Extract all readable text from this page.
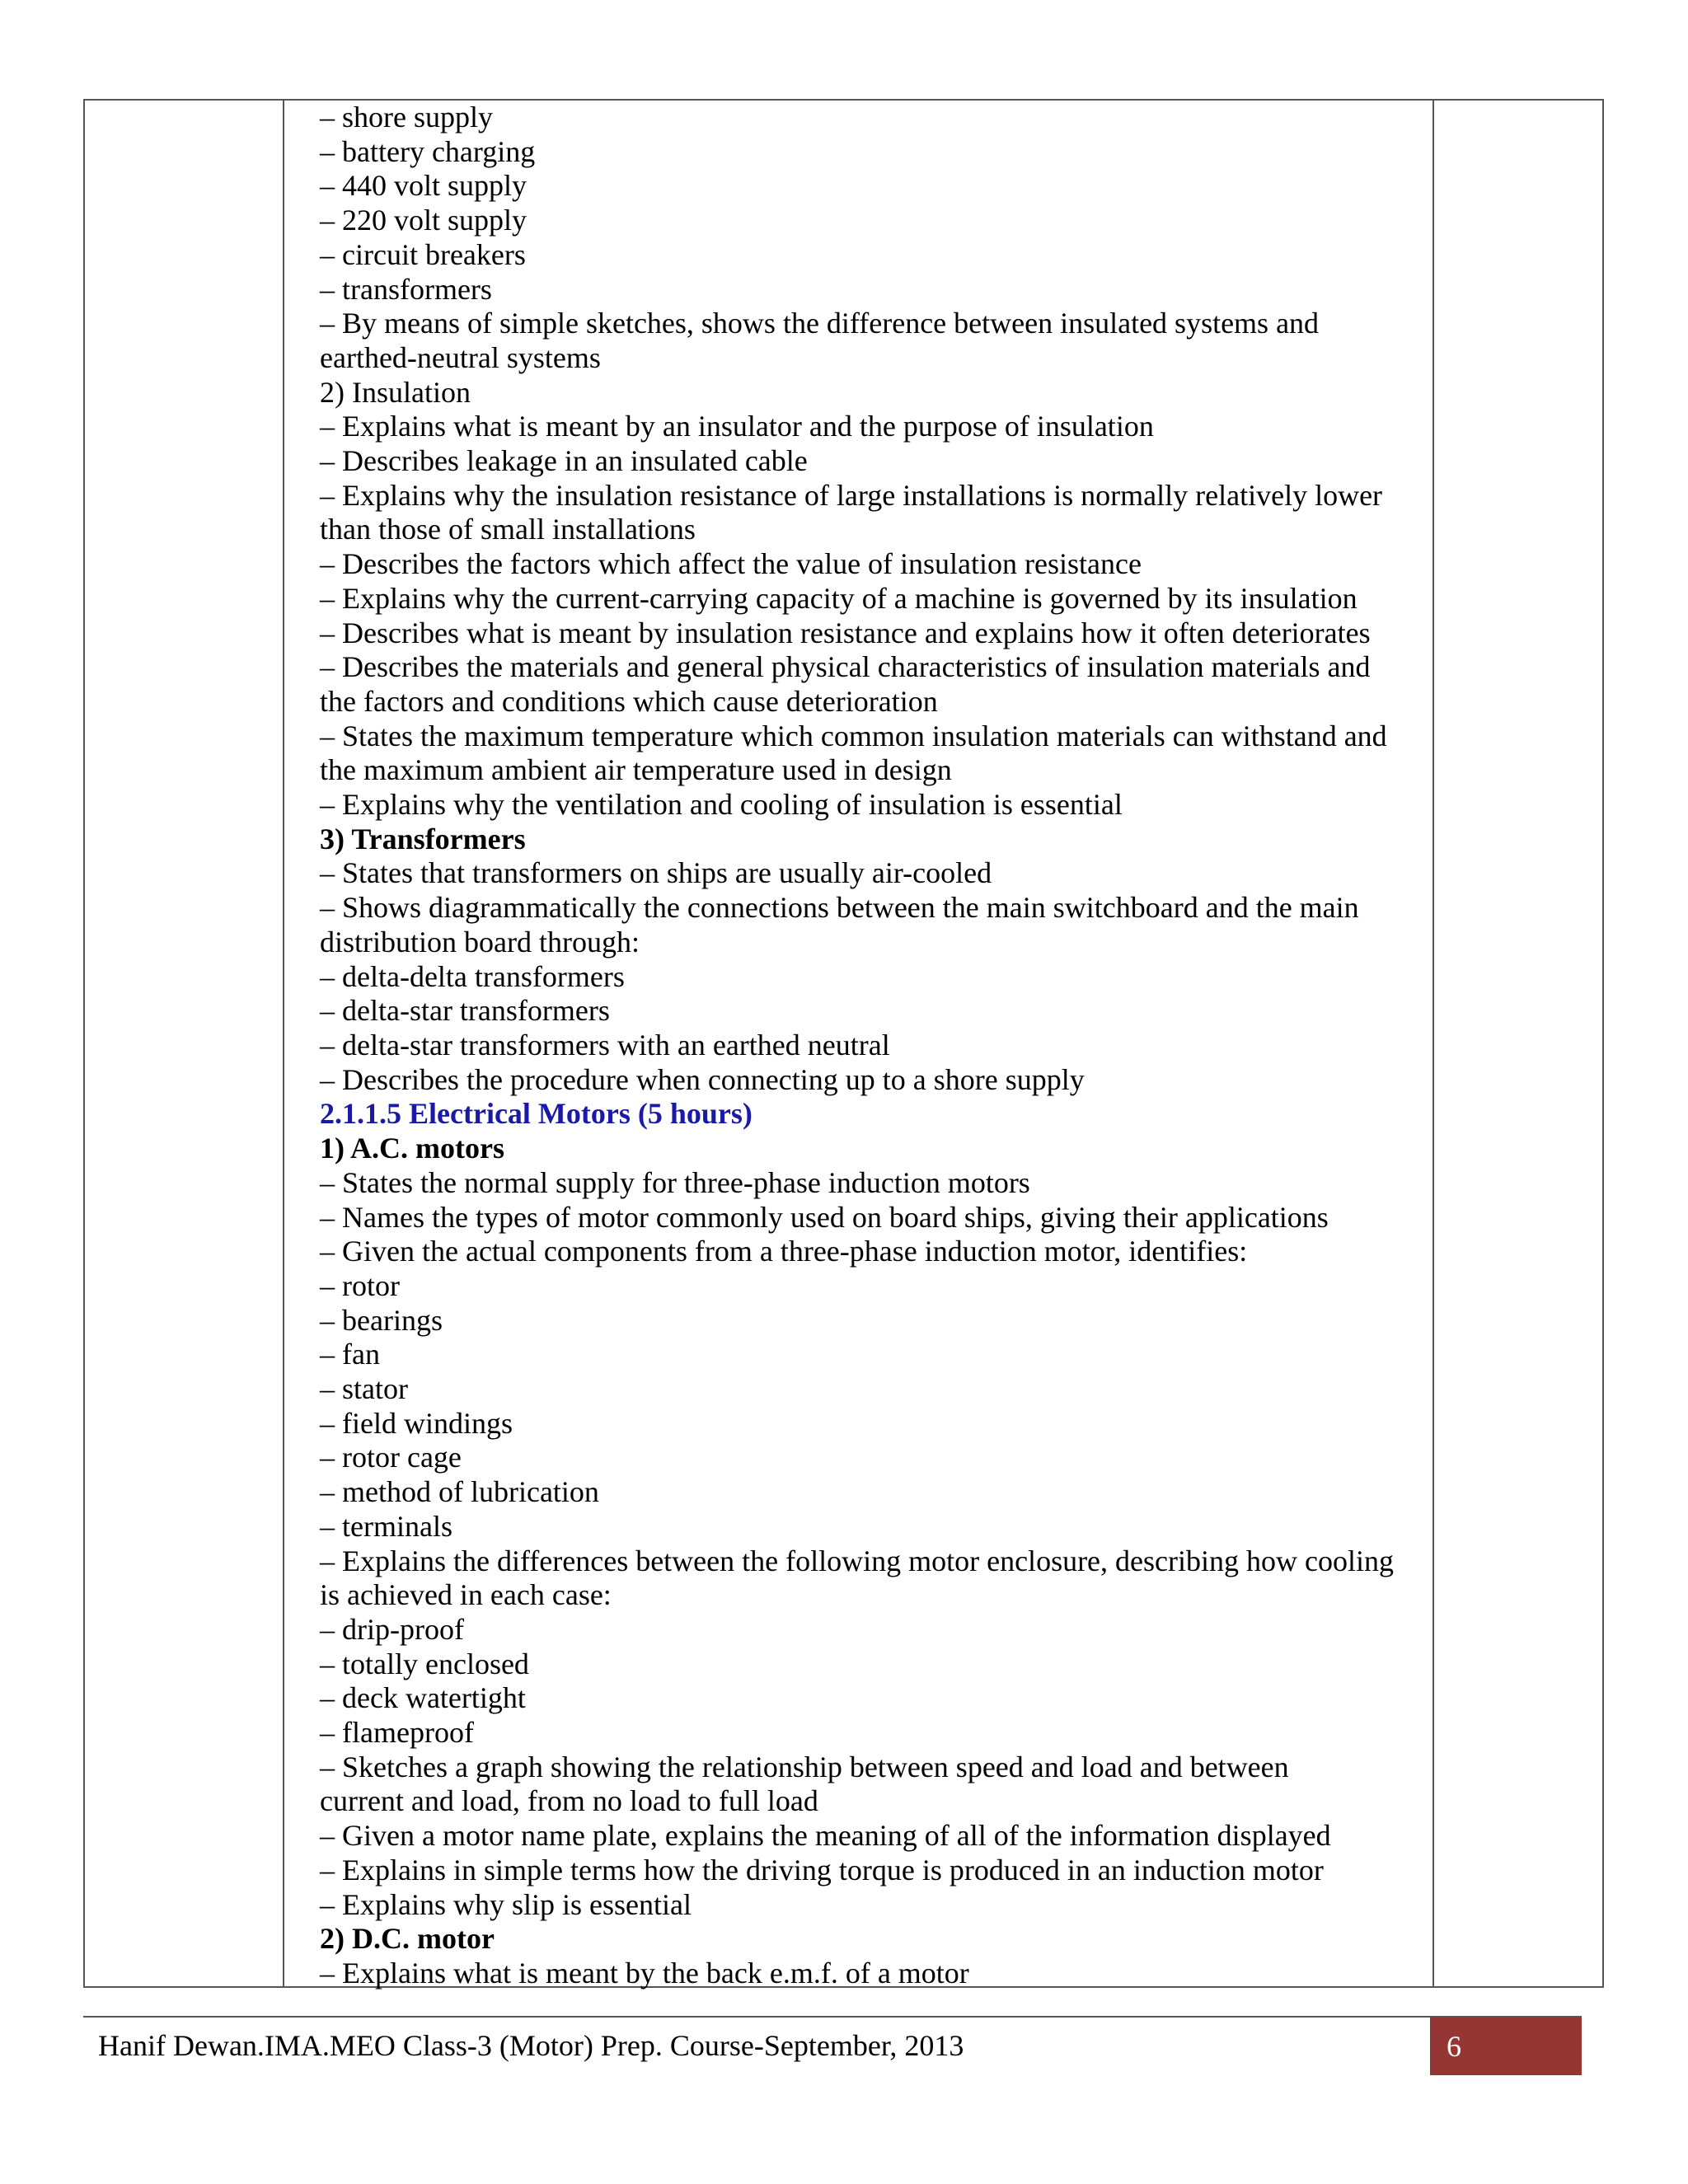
– shore supply
– battery charging
– 440 volt supply
– 220 volt supply
– circuit breakers
– transformers
– By means of simple sketches, shows the difference between insulated systems and
earthed-neutral systems
2) Insulation
– Explains what is meant by an insulator and the purpose of insulation
– Describes leakage in an insulated cable
– Explains why the insulation resistance of large installations is normally relatively lower
than those of small installations
– Describes the factors which affect the value of insulation resistance
– Explains why the current-carrying capacity of a machine is governed by its insulation
– Describes what is meant by insulation resistance and explains how it often deteriorates
– Describes the materials and general physical characteristics of insulation materials and
the factors and conditions which cause deterioration
– States the maximum temperature which common insulation materials can withstand and
the maximum ambient air temperature used in design
– Explains why the ventilation and cooling of insulation is essential
3) Transformers
– States that transformers on ships are usually air-cooled
– Shows diagrammatically the connections between the main switchboard and the main
distribution board through:
– delta-delta transformers
– delta-star transformers
– delta-star transformers with an earthed neutral
– Describes the procedure when connecting up to a shore supply
2.1.1.5 Electrical Motors (5 hours)
1) A.C. motors
– States the normal supply for three-phase induction motors
– Names the types of motor commonly used on board ships, giving their applications
– Given the actual components from a three-phase induction motor, identifies:
– rotor
– bearings
– fan
– stator
– field windings
– rotor cage
– method of lubrication
– terminals
– Explains the differences between the following motor enclosure, describing how cooling
is achieved in each case:
– drip-proof
– totally enclosed
– deck watertight
– flameproof
– Sketches a graph showing the relationship between speed and load and between
current and load, from no load to full load
– Given a motor name plate, explains the meaning of all of the information displayed
– Explains in simple terms how the driving torque is produced in an induction motor
– Explains why slip is essential
2) D.C. motor
– Explains what is meant by the back e.m.f. of a motor
Hanif Dewan.IMA.MEO Class-3 (Motor) Prep. Course-September, 2013	6
